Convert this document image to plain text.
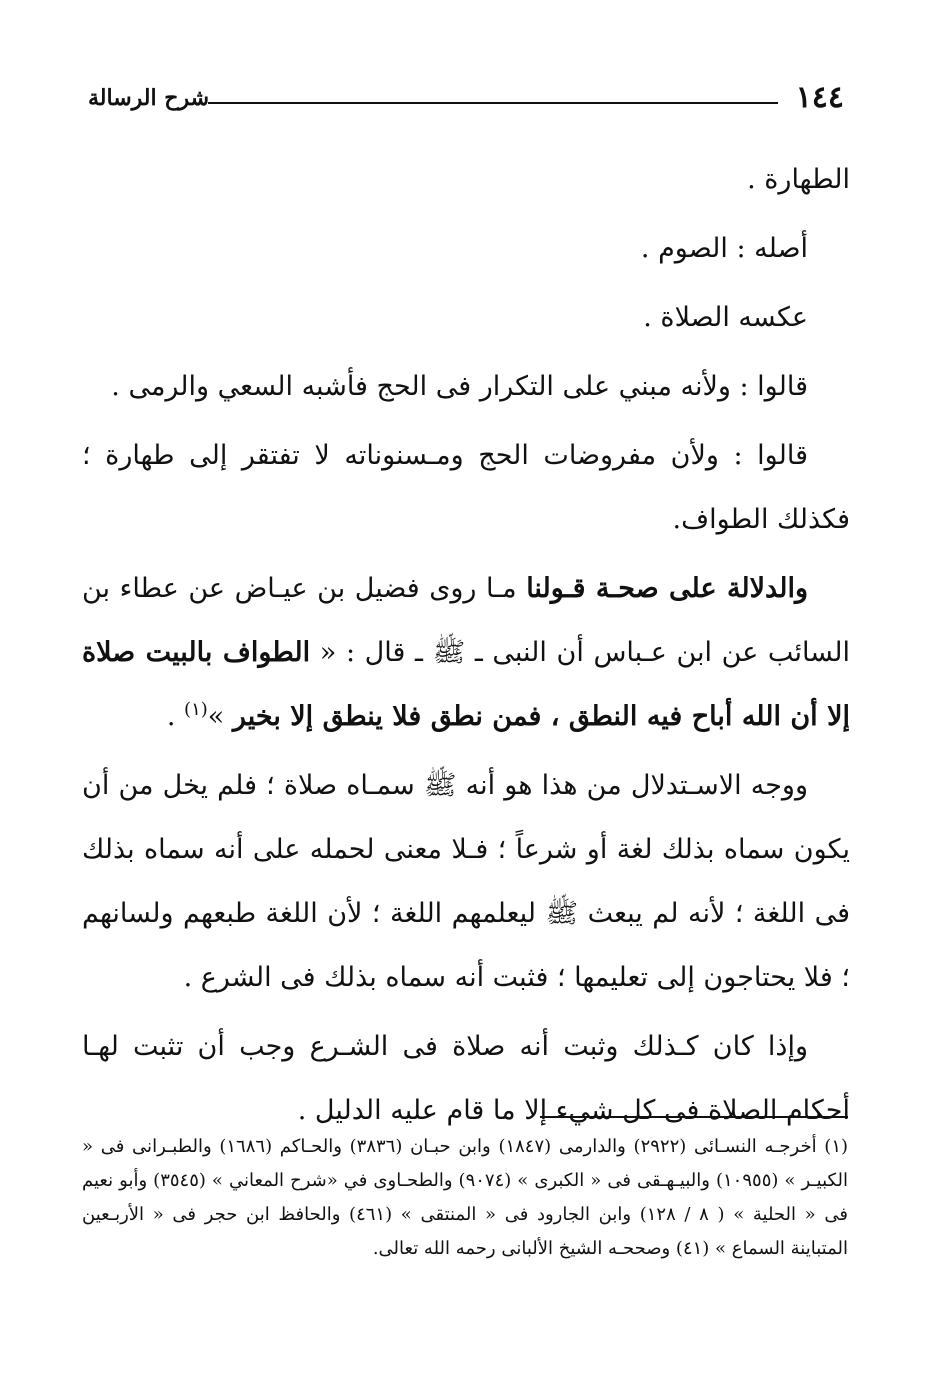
١٤٤
شرح الرسالة

الطهارة .

أصله : الصوم .

عكسه الصلاة .

قالوا : ولأنه مبني على التكرار فى الحج فأشبه السعي والرمى .

قالوا : ولأن مفروضات الحج ومـسنوناته لا تفتقر إلى طهارة ؛ فكذلك الطواف.

والدلالة على صحـة قـولنا مـا روى فضيل بن عيـاض عن عطاء بن السائب عن ابن عـباس أن النبى ـ ﷺ ـ قال : « الطواف بالبيت صلاة إلا أن الله أباح فيه النطق ، فمن نطق فلا ينطق إلا بخير »$^{(١)}$ .

ووجه الاسـتدلال من هذا هو أنه ﷺ سمـاه صلاة ؛ فلم يخل من أن يكون سماه بذلك لغة أو شرعاً ؛ فـلا معنى لحمله على أنه سماه بذلك فى اللغة ؛ لأنه لم يبعث ﷺ ليعلمهم اللغة ؛ لأن اللغة طبعهم ولسانهم ؛ فلا يحتاجون إلى تعليمها ؛ فثبت أنه سماه بذلك فى الشرع .

وإذا كان كـذلك وثبت أنه صلاة فى الشـرع وجب أن تثبت لهـا أحكام الصلاة فى كل شيء إلا ما قام عليه الدليل .

(١) أخرجـه النسـائى (٢٩٢٢) والدارمى (١٨٤٧) وابن حبـان (٣٨٣٦) والحـاكم (١٦٨٦) والطبـرانى فى « الكبيـر » (١٠٩٥٥) والبيـهـقى فى « الكبرى » (٩٠٧٤) والطحـاوى في «شرح المعاني » (٣٥٤٥) وأبو نعيم فى « الحلية » ( ٨ / ١٢٨) وابن الجارود فى « المنتقى » (٤٦١) والحافظ ابن حجر فى « الأربـعين المتباينة السماع » (٤١) وصححـه الشيخ الألبانى رحمه الله تعالى.
